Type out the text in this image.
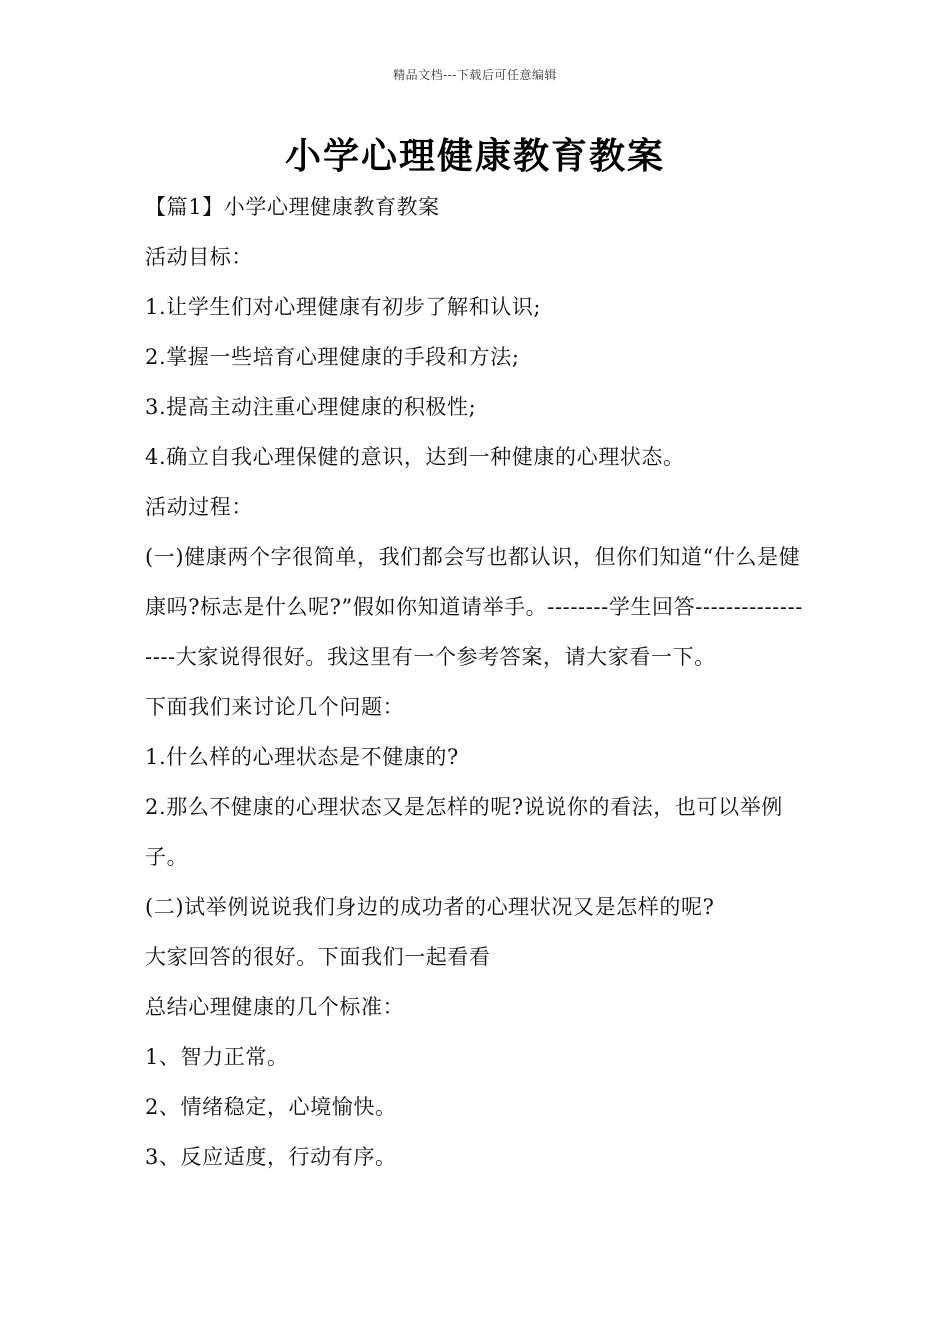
精品文档---下载后可任意编辑
小学心理健康教育教案

【篇1】小学心理健康教育教案

活动目标：

1.让学生们对心理健康有初步了解和认识;

2.掌握一些培育心理健康的手段和方法;

3.提高主动注重心理健康的积极性;

4.确立自我心理保健的意识，达到一种健康的心理状态。

活动过程：

(一)健康两个字很简单，我们都会写也都认识，但你们知道“什么是健康吗?标志是什么呢?”假如你知道请举手。--------学生回答------------------大家说得很好。我这里有一个参考答案，请大家看一下。

下面我们来讨论几个问题：

1.什么样的心理状态是不健康的?

2.那么不健康的心理状态又是怎样的呢?说说你的看法，也可以举例子。

(二)试举例说说我们身边的成功者的心理状况又是怎样的呢?

大家回答的很好。下面我们一起看看

总结心理健康的几个标准：

1、智力正常。

2、情绪稳定，心境愉快。

3、反应适度，行动有序。
